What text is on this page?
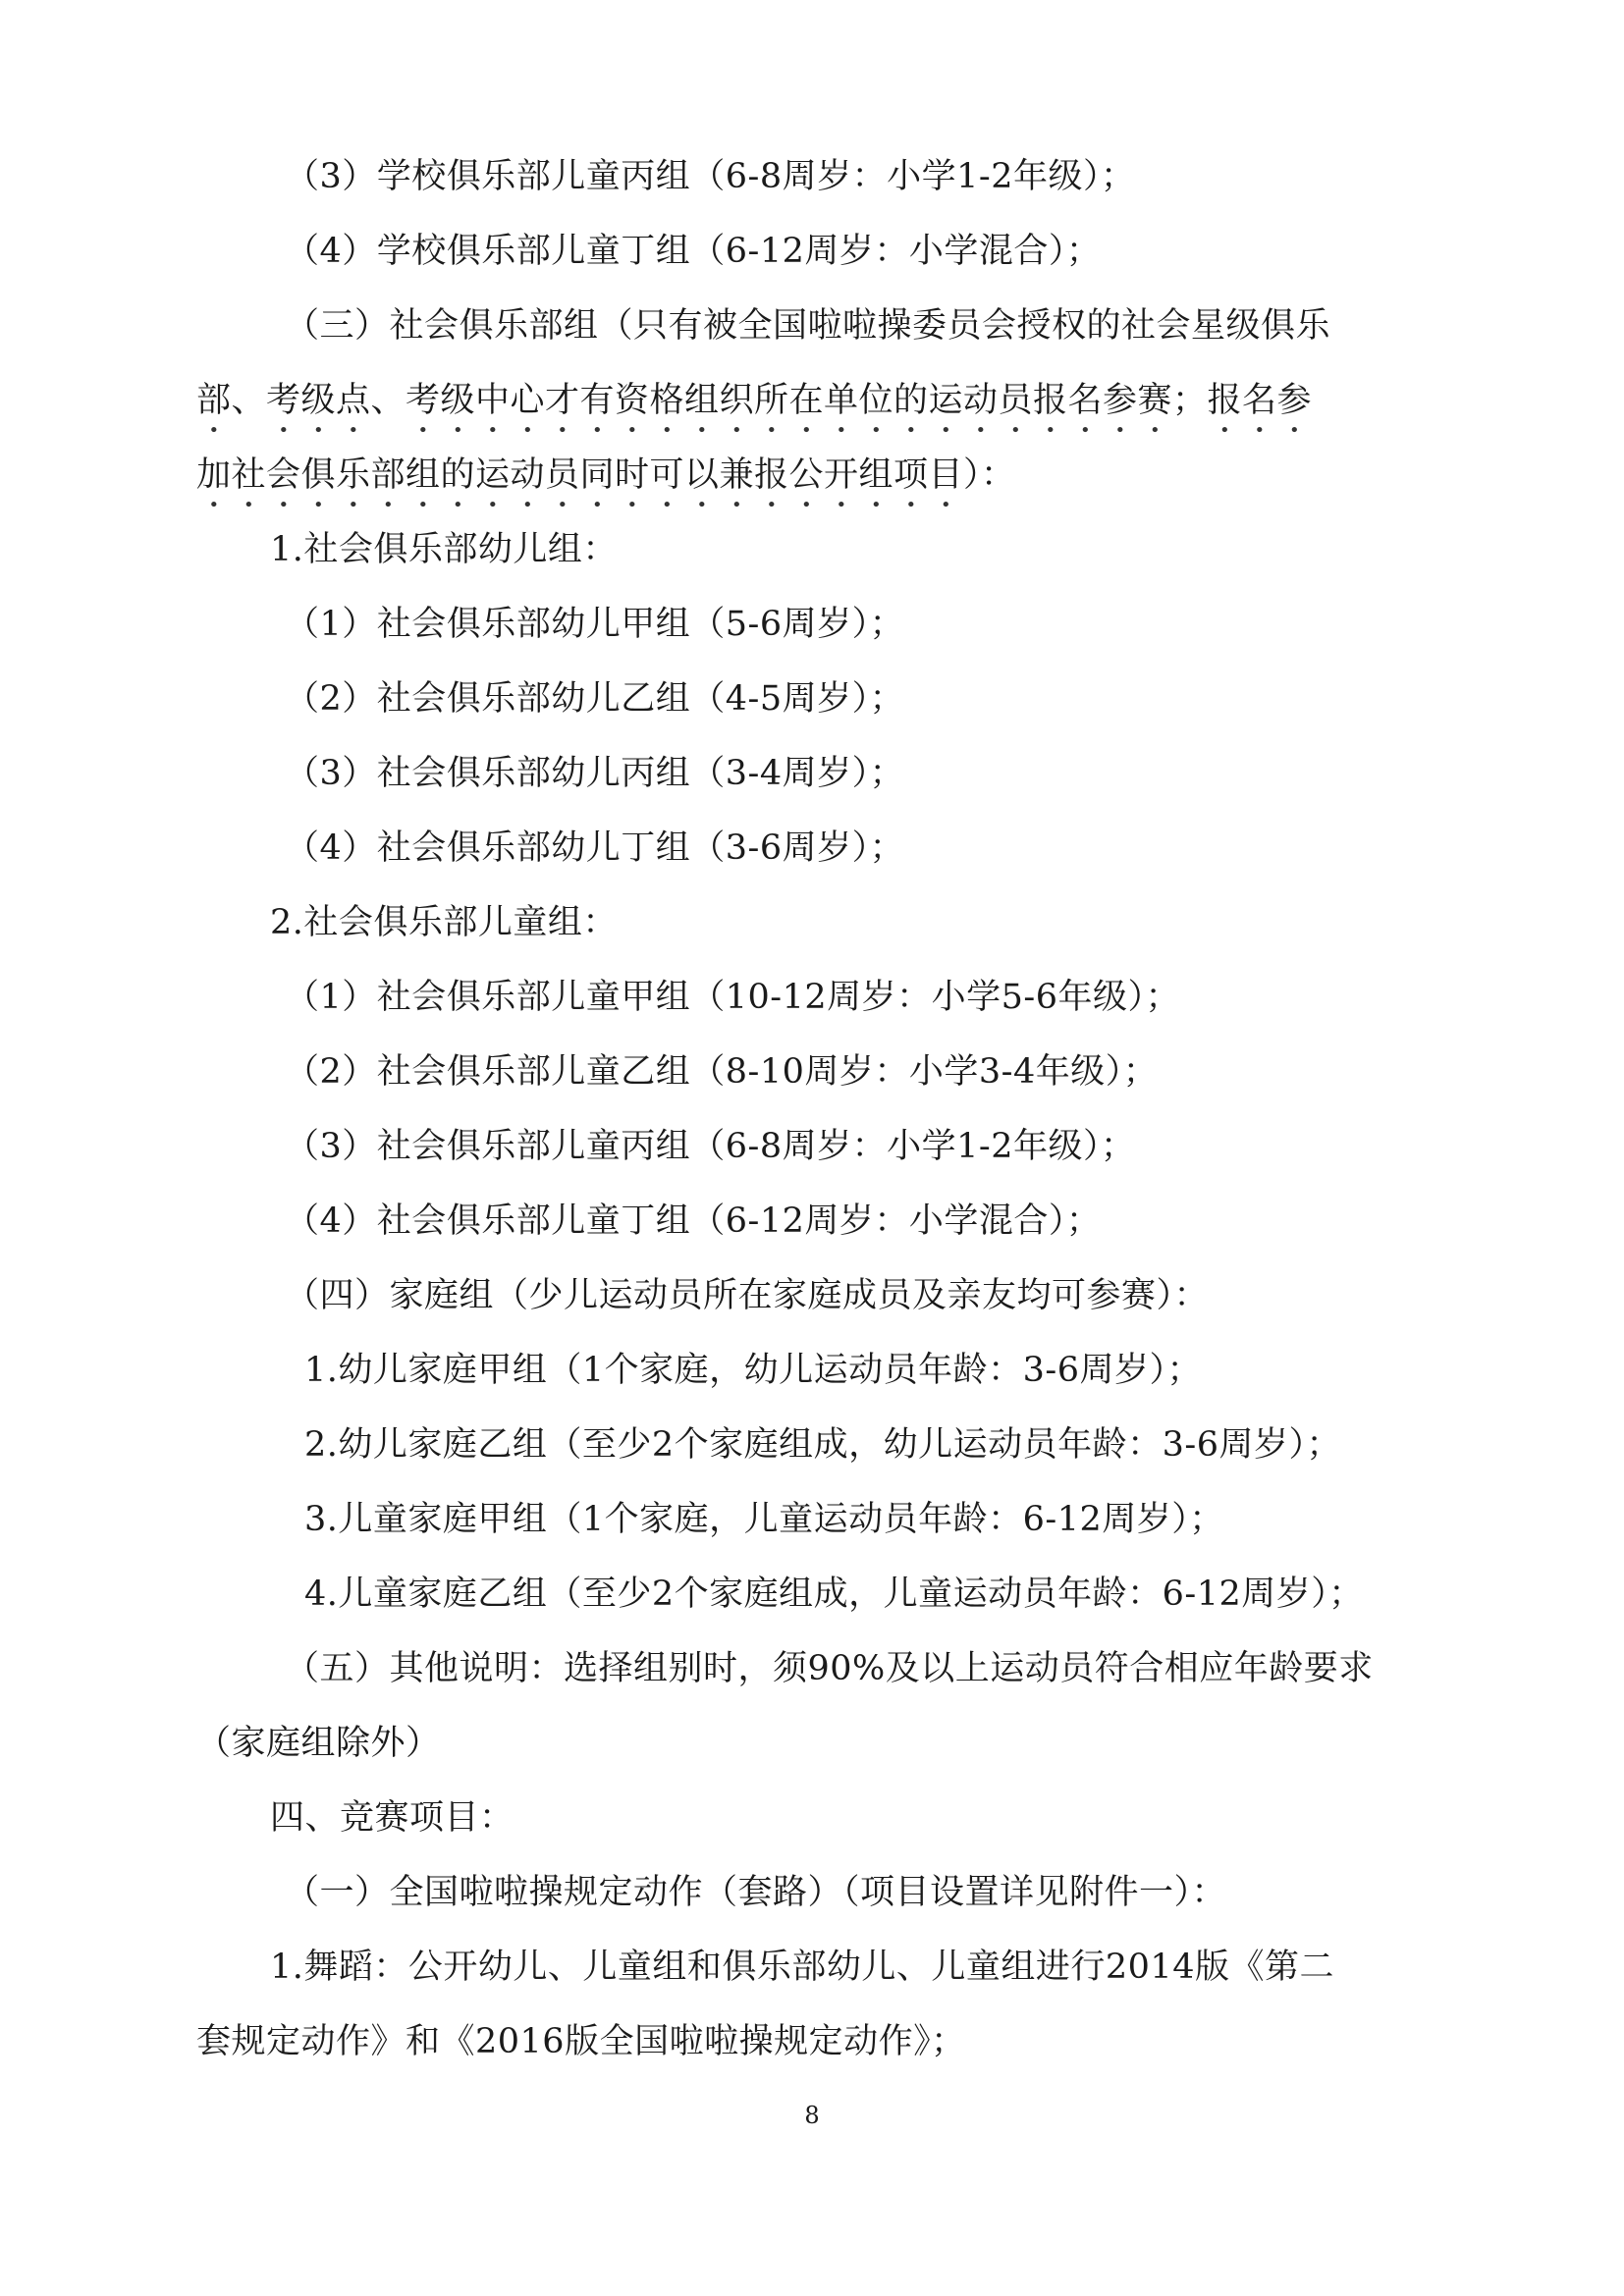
（3）学校俱乐部儿童丙组（6-8周岁：小学1-2年级）；
（4）学校俱乐部儿童丁组（6-12周岁：小学混合）；
（三）社会俱乐部组（只有被全国啦啦操委员会授权的社会星级俱乐
部、考级点、考级中心才有资格组织所在单位的运动员报名参赛；报名参
加社会俱乐部组的运动员同时可以兼报公开组项目）：
1.社会俱乐部幼儿组：
（1）社会俱乐部幼儿甲组（5-6周岁）；
（2）社会俱乐部幼儿乙组（4-5周岁）；
（3）社会俱乐部幼儿丙组（3-4周岁）；
（4）社会俱乐部幼儿丁组（3-6周岁）；
2.社会俱乐部儿童组：
（1）社会俱乐部儿童甲组（10-12周岁：小学5-6年级）；
（2）社会俱乐部儿童乙组（8-10周岁：小学3-4年级）；
（3）社会俱乐部儿童丙组（6-8周岁：小学1-2年级）；
（4）社会俱乐部儿童丁组（6-12周岁：小学混合）；
（四）家庭组（少儿运动员所在家庭成员及亲友均可参赛）：
1.幼儿家庭甲组（1个家庭，幼儿运动员年龄：3-6周岁）；
2.幼儿家庭乙组（至少2个家庭组成，幼儿运动员年龄：3-6周岁）；
3.儿童家庭甲组（1个家庭，儿童运动员年龄：6-12周岁）；
4.儿童家庭乙组（至少2个家庭组成，儿童运动员年龄：6-12周岁）；
（五）其他说明：选择组别时，须90%及以上运动员符合相应年龄要求
（家庭组除外）
四、竞赛项目：
（一）全国啦啦操规定动作（套路）（项目设置详见附件一）：
1.舞蹈：公开幼儿、儿童组和俱乐部幼儿、儿童组进行2014版《第二
套规定动作》和《2016版全国啦啦操规定动作》；
8
